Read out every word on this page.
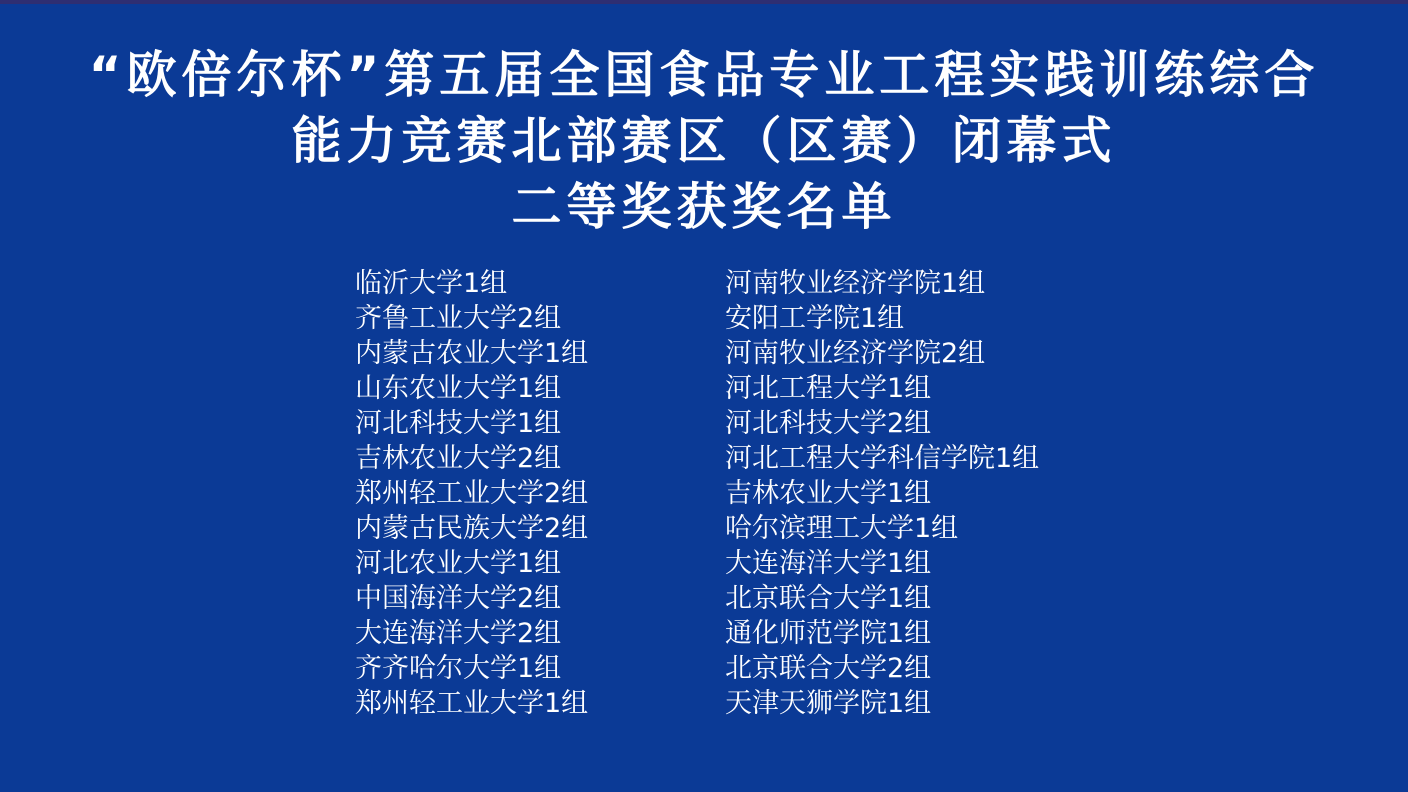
“欧倍尔杯”第五届全国食品专业工程实践训练综合
能力竞赛北部赛区（区赛）闭幕式
二等奖获奖名单
临沂大学1组
齐鲁工业大学2组
内蒙古农业大学1组
山东农业大学1组
河北科技大学1组
吉林农业大学2组
郑州轻工业大学2组
内蒙古民族大学2组
河北农业大学1组
中国海洋大学2组
大连海洋大学2组
齐齐哈尔大学1组
郑州轻工业大学1组
河南牧业经济学院1组
安阳工学院1组
河南牧业经济学院2组
河北工程大学1组
河北科技大学2组
河北工程大学科信学院1组
吉林农业大学1组
哈尔滨理工大学1组
大连海洋大学1组
北京联合大学1组
通化师范学院1组
北京联合大学2组
天津天狮学院1组
